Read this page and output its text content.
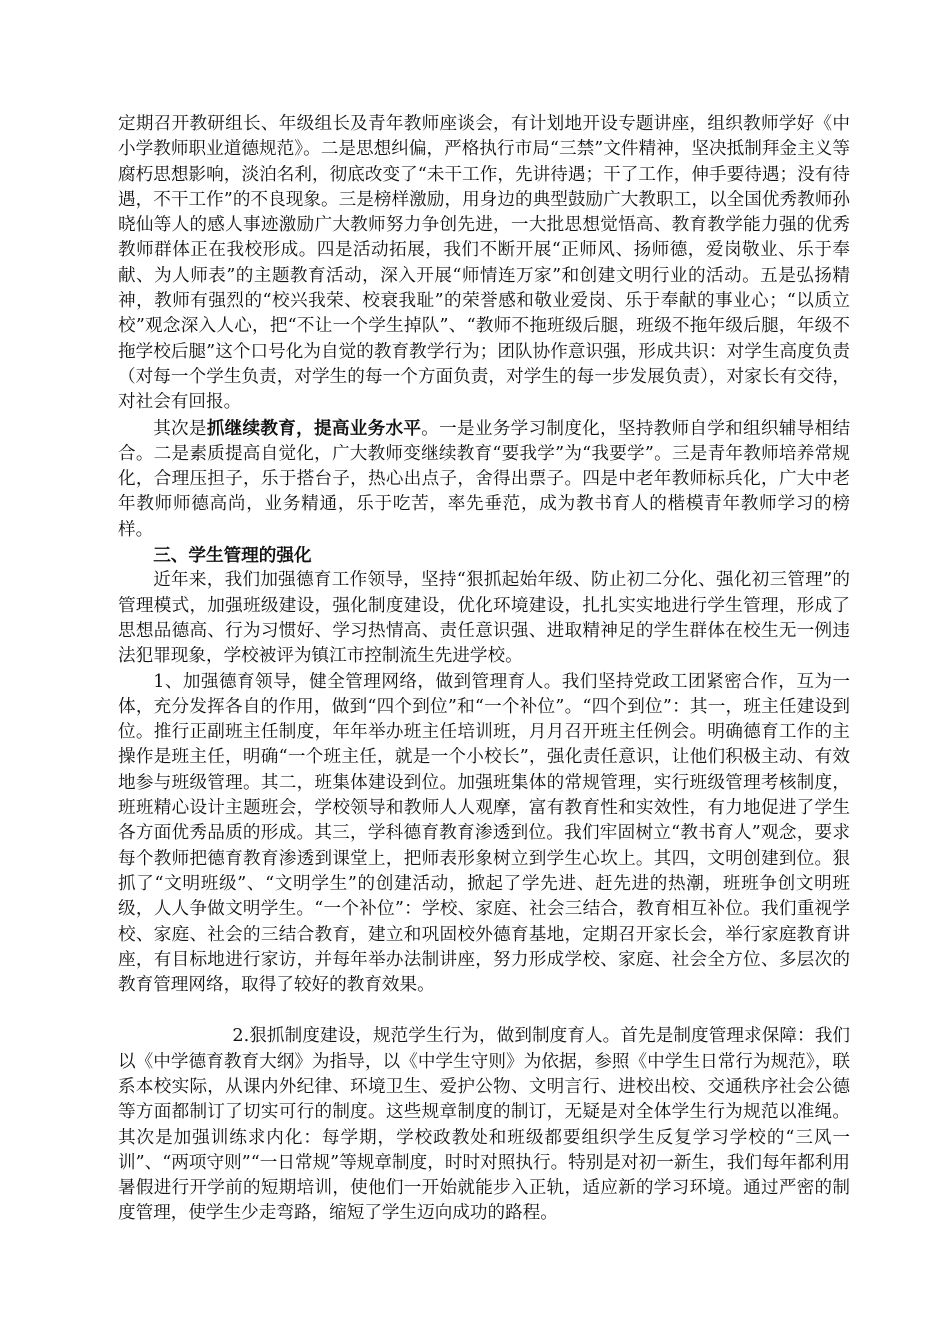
定期召开教研组长、年级组长及青年教师座谈会，有计划地开设专题讲座，组织教师学好《中小学教师职业道德规范》。二是思想纠偏，严格执行市局“三禁”文件精神，坚决抵制拜金主义等腐朽思想影响，淡泊名利，彻底改变了“未干工作，先讲待遇；干了工作，伸手要待遇；没有待遇，不干工作”的不良现象。三是榜样激励，用身边的典型鼓励广大教职工，以全国优秀教师孙晓仙等人的感人事迹激励广大教师努力争创先进，一大批思想觉悟高、教育教学能力强的优秀教师群体正在我校形成。四是活动拓展，我们不断开展“正师风、扬师德，爱岗敬业、乐于奉献、为人师表”的主题教育活动，深入开展“师情连万家”和创建文明行业的活动。五是弘扬精神，教师有强烈的“校兴我荣、校衰我耻”的荣誉感和敬业爱岗、乐于奉献的事业心；“以质立校”观念深入人心，把“不让一个学生掉队”、“教师不拖班级后腿，班级不拖年级后腿，年级不拖学校后腿”这个口号化为自觉的教育教学行为；团队协作意识强，形成共识：对学生高度负责（对每一个学生负责，对学生的每一个方面负责，对学生的每一步发展负责），对家长有交待，对社会有回报。

其次是抓继续教育，提高业务水平。一是业务学习制度化，坚持教师自学和组织辅导相结合。二是素质提高自觉化，广大教师变继续教育“要我学”为“我要学”。三是青年教师培养常规化，合理压担子，乐于搭台子，热心出点子，舍得出票子。四是中老年教师标兵化，广大中老年教师师德高尚，业务精通，乐于吃苦，率先垂范，成为教书育人的楷模青年教师学习的榜样。

三、学生管理的强化

近年来，我们加强德育工作领导，坚持“狠抓起始年级、防止初二分化、强化初三管理”的管理模式，加强班级建设，强化制度建设，优化环境建设，扎扎实实地进行学生管理，形成了思想品德高、行为习惯好、学习热情高、责任意识强、进取精神足的学生群体在校生无一例违法犯罪现象，学校被评为镇江市控制流生先进学校。

1、加强德育领导，健全管理网络，做到管理育人。我们坚持党政工团紧密合作，互为一体，充分发挥各自的作用，做到“四个到位”和“一个补位”。“四个到位”：其一，班主任建设到位。推行正副班主任制度，年年举办班主任培训班，月月召开班主任例会。明确德育工作的主操作是班主任，明确“一个班主任，就是一个小校长”，强化责任意识，让他们积极主动、有效地参与班级管理。其二，班集体建设到位。加强班集体的常规管理，实行班级管理考核制度，班班精心设计主题班会，学校领导和教师人人观摩，富有教育性和实效性，有力地促进了学生各方面优秀品质的形成。其三，学科德育教育渗透到位。我们牢固树立“教书育人”观念，要求每个教师把德育教育渗透到课堂上，把师表形象树立到学生心坎上。其四，文明创建到位。狠抓了“文明班级”、“文明学生”的创建活动，掀起了学先进、赶先进的热潮，班班争创文明班级，人人争做文明学生。“一个补位”：学校、家庭、社会三结合，教育相互补位。我们重视学校、家庭、社会的三结合教育，建立和巩固校外德育基地，定期召开家长会，举行家庭教育讲座，有目标地进行家访，并每年举办法制讲座，努力形成学校、家庭、社会全方位、多层次的教育管理网络，取得了较好的教育效果。

2.狠抓制度建设，规范学生行为，做到制度育人。首先是制度管理求保障：我们以《中学德育教育大纲》为指导，以《中学生守则》为依据，参照《中学生日常行为规范》，联系本校实际，从课内外纪律、环境卫生、爱护公物、文明言行、进校出校、交通秩序社会公德等方面都制订了切实可行的制度。这些规章制度的制订，无疑是对全体学生行为规范以准绳。其次是加强训练求内化：每学期，学校政教处和班级都要组织学生反复学习学校的“三风一训”、“两项守则”“一日常规”等规章制度，时时对照执行。特别是对初一新生，我们每年都利用暑假进行开学前的短期培训，使他们一开始就能步入正轨，适应新的学习环境。通过严密的制度管理，使学生少走弯路，缩短了学生迈向成功的路程。
